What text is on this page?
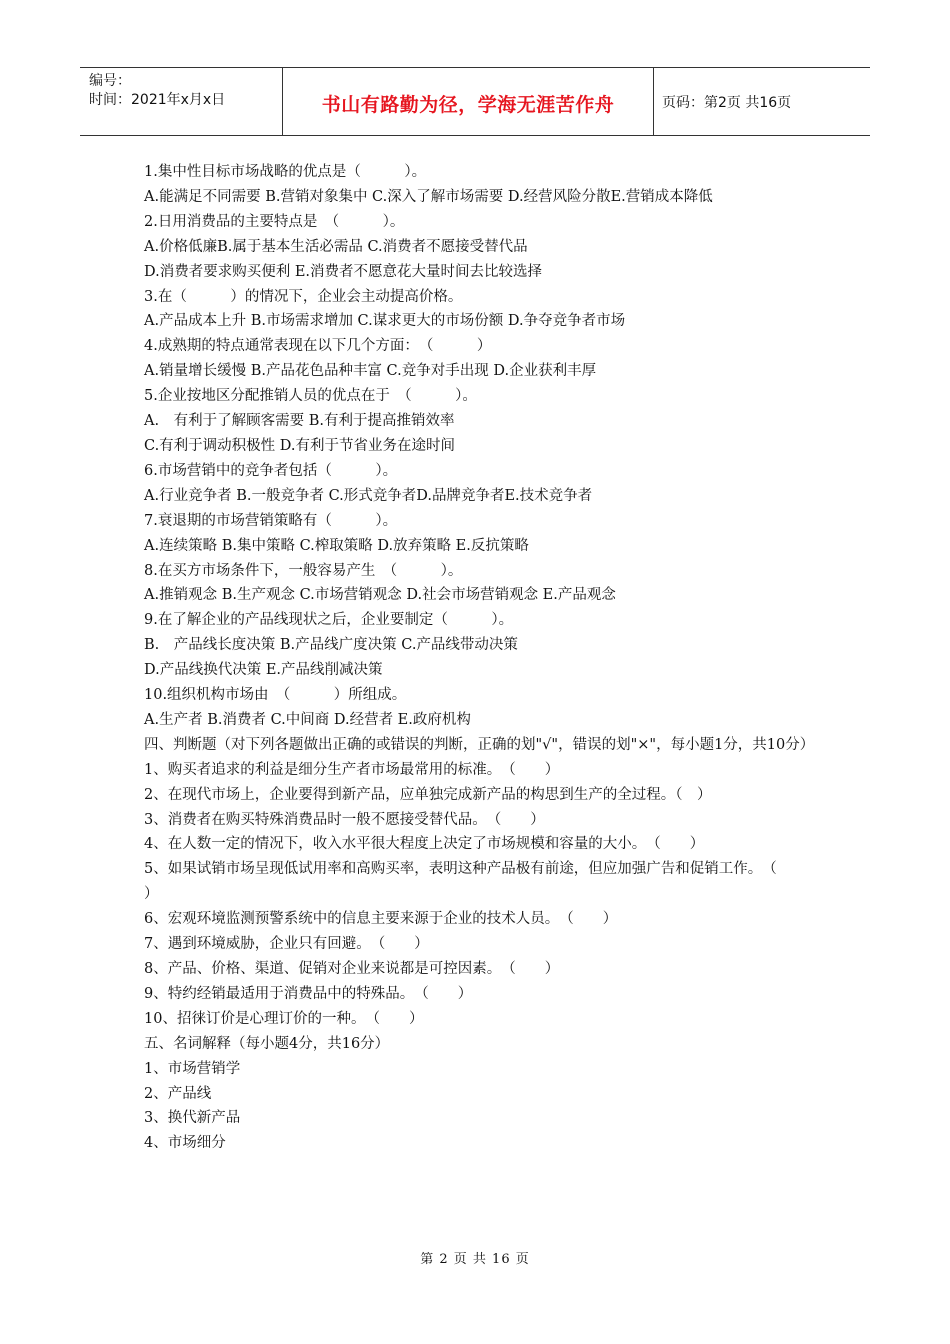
编号：
时间：2021年x月x日	书山有路勤为径，学海无涯苦作舟	页码：第2页 共16页
1.集中性目标市场战略的优点是（　　　）。
A.能满足不同需要 B.营销对象集中 C.深入了解市场需要 D.经营风险分散E.营销成本降低
2.日用消费品的主要特点是　（　　　）。
A.价格低廉B.属于基本生活必需品 C.消费者不愿接受替代品
D.消费者要求购买便利 E.消费者不愿意花大量时间去比较选择
3.在（　　　）的情况下，企业会主动提高价格。
A.产品成本上升 B.市场需求增加 C.谋求更大的市场份额 D.争夺竞争者市场
4.成熟期的特点通常表现在以下几个方面：　（　　　）
A.销量增长缓慢 B.产品花色品种丰富 C.竞争对手出现 D.企业获利丰厚
5.企业按地区分配推销人员的优点在于　（　　　）。
A.　有利于了解顾客需要 B.有利于提高推销效率
C.有利于调动积极性 D.有利于节省业务在途时间
6.市场营销中的竞争者包括（　　　）。
A.行业竞争者 B.一般竞争者 C.形式竞争者D.品牌竞争者E.技术竞争者
7.衰退期的市场营销策略有（　　　）。
A.连续策略 B.集中策略 C.榨取策略 D.放弃策略 E.反抗策略
8.在买方市场条件下，一般容易产生　（　　　）。
A.推销观念 B.生产观念 C.市场营销观念 D.社会市场营销观念 E.产品观念
9.在了解企业的产品线现状之后，企业要制定（　　　）。
B.　产品线长度决策 B.产品线广度决策 C.产品线带动决策
D.产品线换代决策 E.产品线削减决策
10.组织机构市场由　（　　　）所组成。
A.生产者 B.消费者 C.中间商 D.经营者 E.政府机构
四、判断题（对下列各题做出正确的或错误的判断，正确的划"√"，错误的划"×"，每小题1分，共10分）
1、购买者追求的利益是细分生产者市场最常用的标准。　（　　）
2、在现代市场上，企业要得到新产品，应单独完成新产品的构思到生产的全过程。（　）
3、消费者在购买特殊消费品时一般不愿接受替代品。　（　　）
4、在人数一定的情况下，收入水平很大程度上决定了市场规模和容量的大小。　（　　）
5、如果试销市场呈现低试用率和高购买率，表明这种产品极有前途，但应加强广告和促销工作。　（　　）
6、宏观环境监测预警系统中的信息主要来源于企业的技术人员。　（　　）
7、遇到环境威胁，企业只有回避。　（　　）
8、产品、价格、渠道、促销对企业来说都是可控因素。　（　　）
9、特约经销最适用于消费品中的特殊品。　（　　）
10、招徕订价是心理订价的一种。　（　　）
五、名词解释（每小题4分，共16分）
1、市场营销学
2、产品线
3、换代新产品
4、市场细分
第 2 页 共 16 页
